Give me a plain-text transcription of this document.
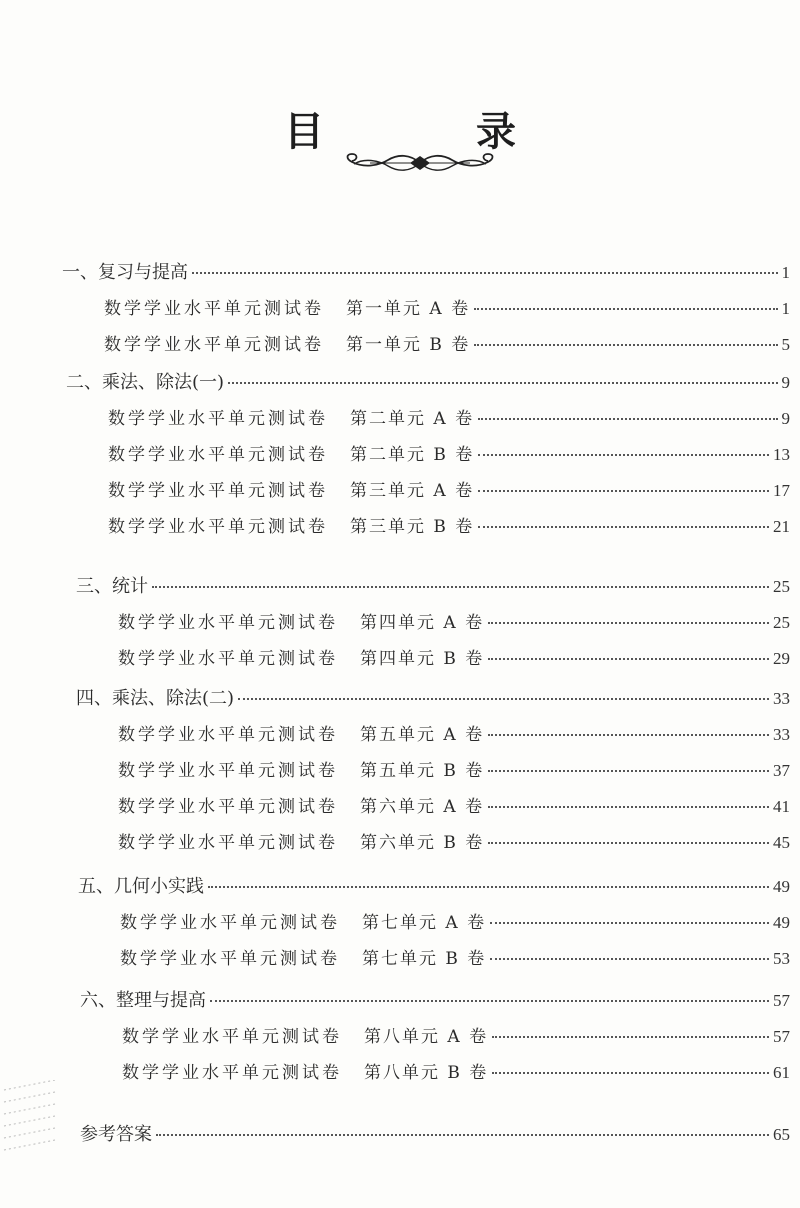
目　录
一、复习与提高	1
数学学业水平单元测试卷 第一单元 A 卷	1
数学学业水平单元测试卷 第一单元 B 卷	5
二、乘法、除法(一)	9
数学学业水平单元测试卷 第二单元 A 卷	9
数学学业水平单元测试卷 第二单元 B 卷	13
数学学业水平单元测试卷 第三单元 A 卷	17
数学学业水平单元测试卷 第三单元 B 卷	21
三、统计	25
数学学业水平单元测试卷 第四单元 A 卷	25
数学学业水平单元测试卷 第四单元 B 卷	29
四、乘法、除法(二)	33
数学学业水平单元测试卷 第五单元 A 卷	33
数学学业水平单元测试卷 第五单元 B 卷	37
数学学业水平单元测试卷 第六单元 A 卷	41
数学学业水平单元测试卷 第六单元 B 卷	45
五、几何小实践	49
数学学业水平单元测试卷 第七单元 A 卷	49
数学学业水平单元测试卷 第七单元 B 卷	53
六、整理与提高	57
数学学业水平单元测试卷 第八单元 A 卷	57
数学学业水平单元测试卷 第八单元 B 卷	61
参考答案	65
